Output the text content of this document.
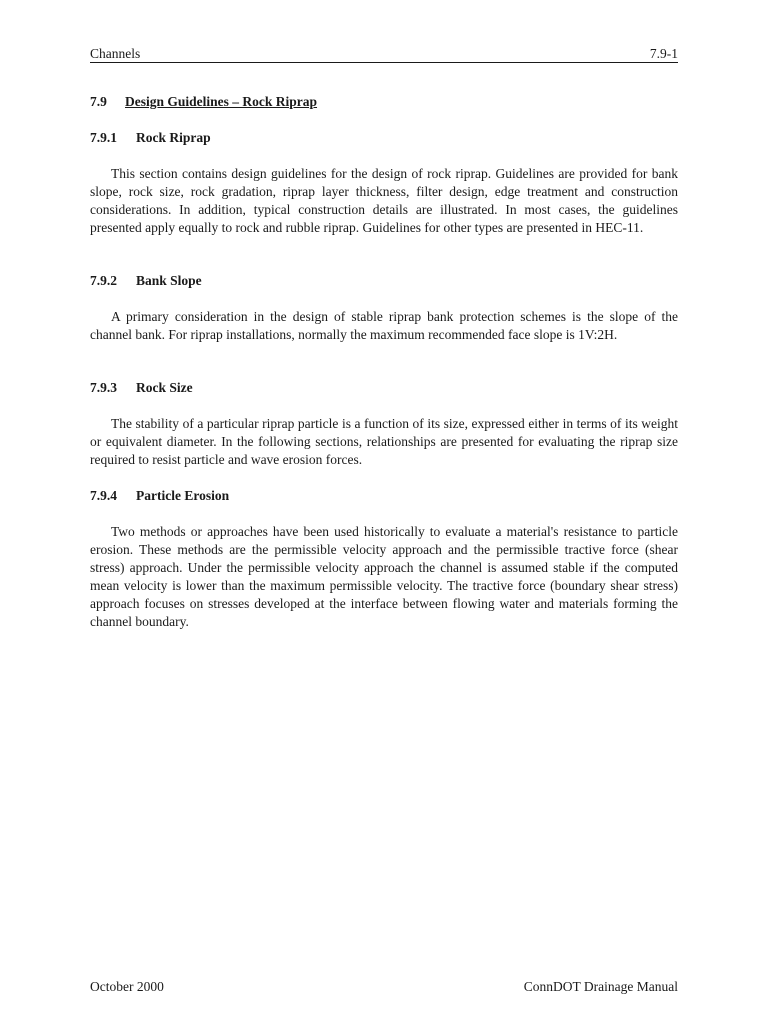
Channels	7.9-1
7.9 Design Guidelines – Rock Riprap
7.9.1 Rock Riprap

This section contains design guidelines for the design of rock riprap. Guidelines are provided for bank slope, rock size, rock gradation, riprap layer thickness, filter design, edge treatment and construction considerations. In addition, typical construction details are illustrated. In most cases, the guidelines presented apply equally to rock and rubble riprap. Guidelines for other types are presented in HEC-11.

7.9.2 Bank Slope

A primary consideration in the design of stable riprap bank protection schemes is the slope of the channel bank. For riprap installations, normally the maximum recommended face slope is 1V:2H.

7.9.3 Rock Size

The stability of a particular riprap particle is a function of its size, expressed either in terms of its weight or equivalent diameter. In the following sections, relationships are presented for evaluating the riprap size required to resist particle and wave erosion forces.

7.9.4 Particle Erosion

Two methods or approaches have been used historically to evaluate a material's resistance to particle erosion. These methods are the permissible velocity approach and the permissible tractive force (shear stress) approach. Under the permissible velocity approach the channel is assumed stable if the computed mean velocity is lower than the maximum permissible velocity. The tractive force (boundary shear stress) approach focuses on stresses developed at the interface between flowing water and materials forming the channel boundary.

October 2000	ConnDOT Drainage Manual
